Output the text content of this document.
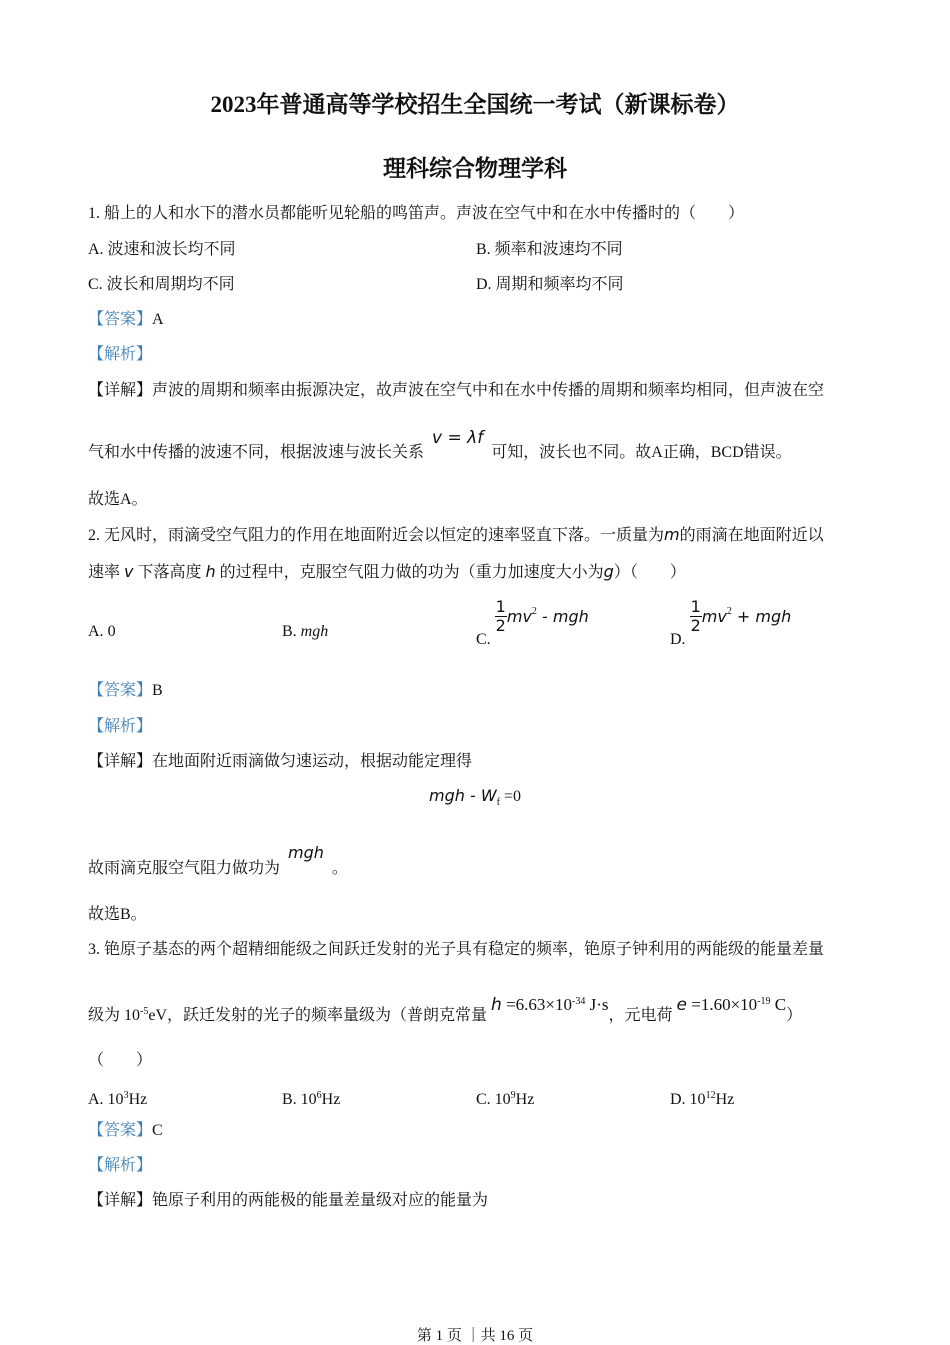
2023年普通高等学校招生全国统一考试（新课标卷）
理科综合物理学科
1. 船上的人和水下的潜水员都能听见轮船的鸣笛声。声波在空气中和在水中传播时的（　　）
A. 波速和波长均不同	B. 频率和波速均不同
C. 波长和周期均不同	D. 周期和频率均不同
【答案】A
【解析】
【详解】声波的周期和频率由振源决定，故声波在空气中和在水中传播的周期和频率均相同，但声波在空
气和水中传播的波速不同，根据波速与波长关系 v = λf 可知，波长也不同。故A正确，BCD错误。
故选A。
2. 无风时，雨滴受空气阻力的作用在地面附近会以恒定的速率竖直下落。一质量为m的雨滴在地面附近以
速率 v 下落高度 h 的过程中，克服空气阻力做的功为（重力加速度大小为g）（　　）
A. 0	B. mgh	C.
$\frac{1}{2} mv^2$ - mgh
D.
$\frac{1}{2} mv^2$ + mgh
【答案】B
【解析】
【详解】在地面附近雨滴做匀速运动，根据动能定理得
mgh - $W_f =0$
故雨滴克服空气阻力做功为 mgh 。
故选B。
3. 铯原子基态的两个超精细能级之间跃迁发射的光子具有稳定的频率，铯原子钟利用的两能级的能量差量
级为 $10^{-5}eV$，跃迁发射的光子的频率量级为（普朗克常量 $h =6.63\times 10^{-34}$ J·s，元电荷 $e =1.60\times 10^{-19}$ C）
（　　）
A. $10^3Hz$	B. $10^6Hz$	C. $10^9Hz$	D. $10^{12}Hz$
【答案】C
【解析】
【详解】铯原子利用的两能极的能量差量级对应的能量为
第 1 页 ｜共 16 页
